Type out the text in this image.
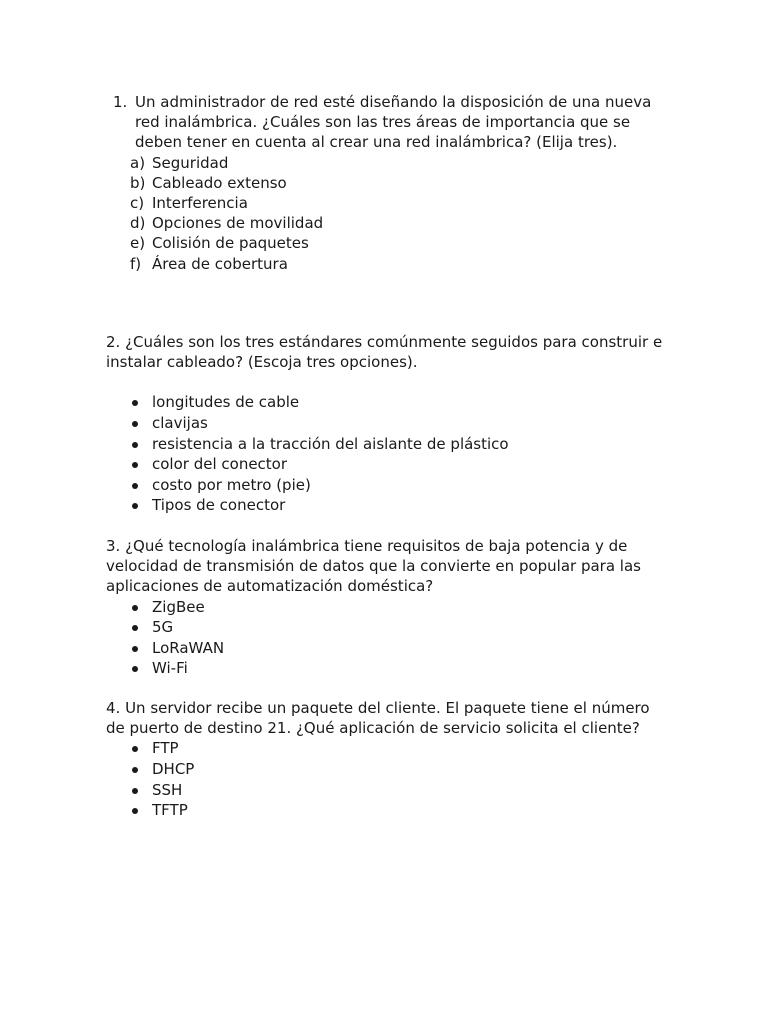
1. Un administrador de red esté diseñando la disposición de una nueva red inalámbrica. ¿Cuáles son las tres áreas de importancia que se deben tener en cuenta al crear una red inalámbrica? (Elija tres).

a) Seguridad
b) Cableado extenso
c) Interferencia
d) Opciones de movilidad
e) Colisión de paquetes
f) Área de cobertura

2. ¿Cuáles son los tres estándares comúnmente seguidos para construir e instalar cableado? (Escoja tres opciones).

longitudes de cable
clavijas
resistencia a la tracción del aislante de plástico
color del conector
costo por metro (pie)
Tipos de conector

3. ¿Qué tecnología inalámbrica tiene requisitos de baja potencia y de velocidad de transmisión de datos que la convierte en popular para las aplicaciones de automatización doméstica?

ZigBee
5G
LoRaWAN
Wi-Fi

4. Un servidor recibe un paquete del cliente. El paquete tiene el número de puerto de destino 21. ¿Qué aplicación de servicio solicita el cliente?

FTP
DHCP
SSH
TFTP
